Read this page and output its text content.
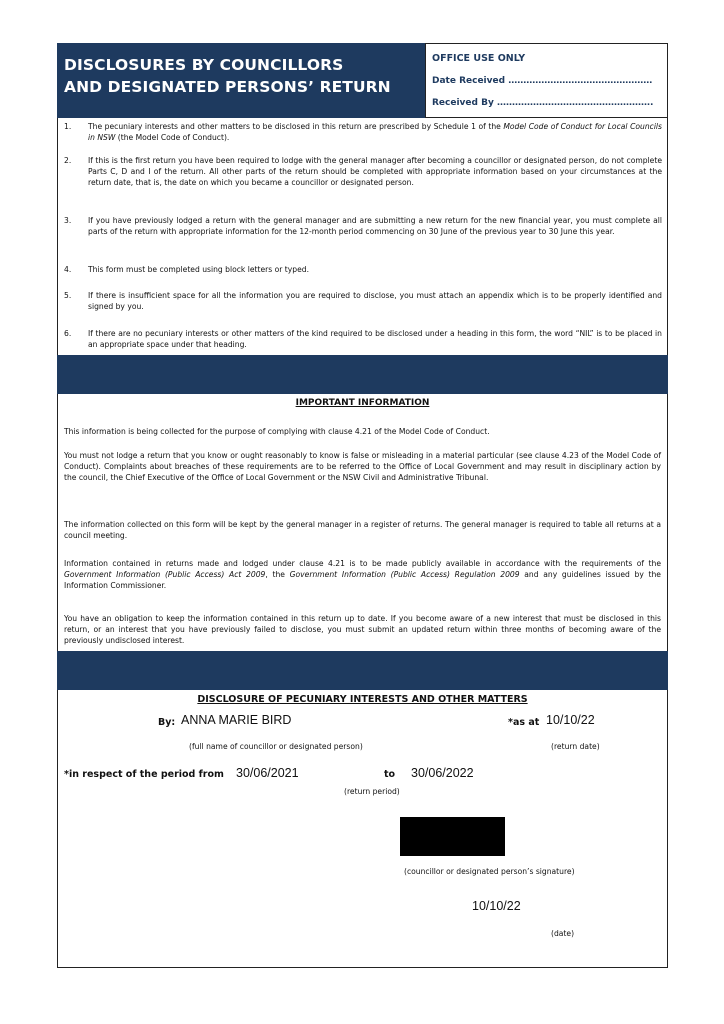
DISCLOSURES BY COUNCILLORS
AND DESIGNATED PERSONS’ RETURN
OFFICE USE ONLY
Date Received …………………………………………
Received By …………………………………………….
1.	The pecuniary interests and other matters to be disclosed in this return are prescribed by Schedule 1 of the Model Code of Conduct for Local Councils in NSW (the Model Code of Conduct).
2.	If this is the first return you have been required to lodge with the general manager after becoming a councillor or designated person, do not complete Parts C, D and I of the return. All other parts of the return should be completed with appropriate information based on your circumstances at the return date, that is, the date on which you became a councillor or designated person.
3.	If you have previously lodged a return with the general manager and are submitting a new return for the new financial year, you must complete all parts of the return with appropriate information for the 12-month period commencing on 30 June of the previous year to 30 June this year.
4.	This form must be completed using block letters or typed.
5.	If there is insufficient space for all the information you are required to disclose, you must attach an appendix which is to be properly identified and signed by you.
6.	If there are no pecuniary interests or other matters of the kind required to be disclosed under a heading in this form, the word “NIL” is to be placed in an appropriate space under that heading.
IMPORTANT INFORMATION
This information is being collected for the purpose of complying with clause 4.21 of the Model Code of Conduct.
You must not lodge a return that you know or ought reasonably to know is false or misleading in a material particular (see clause 4.23 of the Model Code of Conduct). Complaints about breaches of these requirements are to be referred to the Office of Local Government and may result in disciplinary action by the council, the Chief Executive of the Office of Local Government or the NSW Civil and Administrative Tribunal.
The information collected on this form will be kept by the general manager in a register of returns. The general manager is required to table all returns at a council meeting.
Information contained in returns made and lodged under clause 4.21 is to be made publicly available in accordance with the requirements of the Government Information (Public Access) Act 2009, the Government Information (Public Access) Regulation 2009 and any guidelines issued by the Information Commissioner.
You have an obligation to keep the information contained in this return up to date. If you become aware of a new interest that must be disclosed in this return, or an interest that you have previously failed to disclose, you must submit an updated return within three months of becoming aware of the previously undisclosed interest.
DISCLOSURE OF PECUNIARY INTERESTS AND OTHER MATTERS
By: ANNA MARIE BIRD	*as at 10/10/22
(full name of councillor or designated person)	(return date)
*in respect of the period from 30/06/2021	to 30/06/2022
(return period)
(councillor or designated person’s signature)
10/10/22
(date)
